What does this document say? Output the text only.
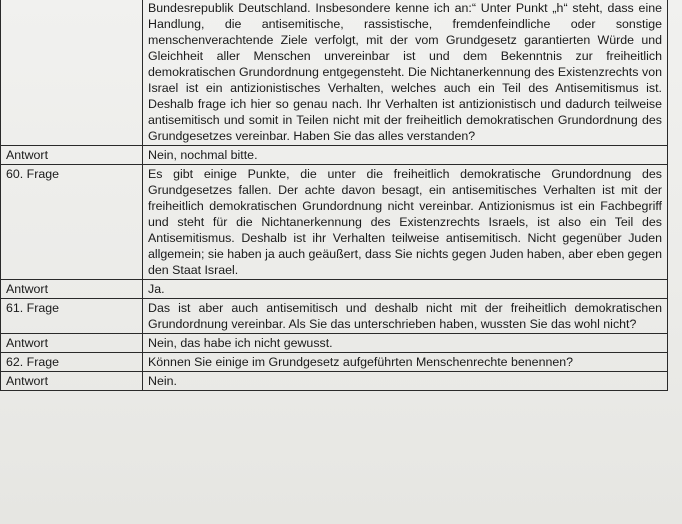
	Bundesrepublik Deutschland. Insbesondere kenne ich an:“ Unter Punkt „h“ steht, dass eine Handlung, die antisemitische, rassistische, fremdenfeindliche oder sonstige menschenverachtende Ziele verfolgt, mit der vom Grundgesetz garantierten Würde und Gleichheit aller Menschen unvereinbar ist und dem Bekenntnis zur freiheitlich demokratischen Grundordnung entgegensteht. Die Nichtanerkennung des Existenzrechts von Israel ist ein antizionistisches Verhalten, welches auch ein Teil des Antisemitismus ist. Deshalb frage ich hier so genau nach. Ihr Verhalten ist antizionistisch und dadurch teilweise antisemitisch und somit in Teilen nicht mit der freiheitlich demokratischen Grundordnung des Grundgesetzes vereinbar. Haben Sie das alles verstanden?
Antwort	Nein, nochmal bitte.
60. Frage	Es gibt einige Punkte, die unter die freiheitlich demokratische Grundordnung des Grundgesetzes fallen. Der achte davon besagt, ein antisemitisches Verhalten ist mit der freiheitlich demokratischen Grundordnung nicht vereinbar. Antizionismus ist ein Fachbegriff und steht für die Nichtanerkennung des Existenzrechts Israels, ist also ein Teil des Antisemitismus. Deshalb ist ihr Verhalten teilweise antisemitisch. Nicht gegenüber Juden allgemein; sie haben ja auch geäußert, dass Sie nichts gegen Juden haben, aber eben gegen den Staat Israel.
Antwort	Ja.
61. Frage	Das ist aber auch antisemitisch und deshalb nicht mit der freiheitlich demokratischen Grundordnung vereinbar. Als Sie das unterschrieben haben, wussten Sie das wohl nicht?
Antwort	Nein, das habe ich nicht gewusst.
62. Frage	Können Sie einige im Grundgesetz aufgeführten Menschenrechte benennen?
Antwort	Nein.
